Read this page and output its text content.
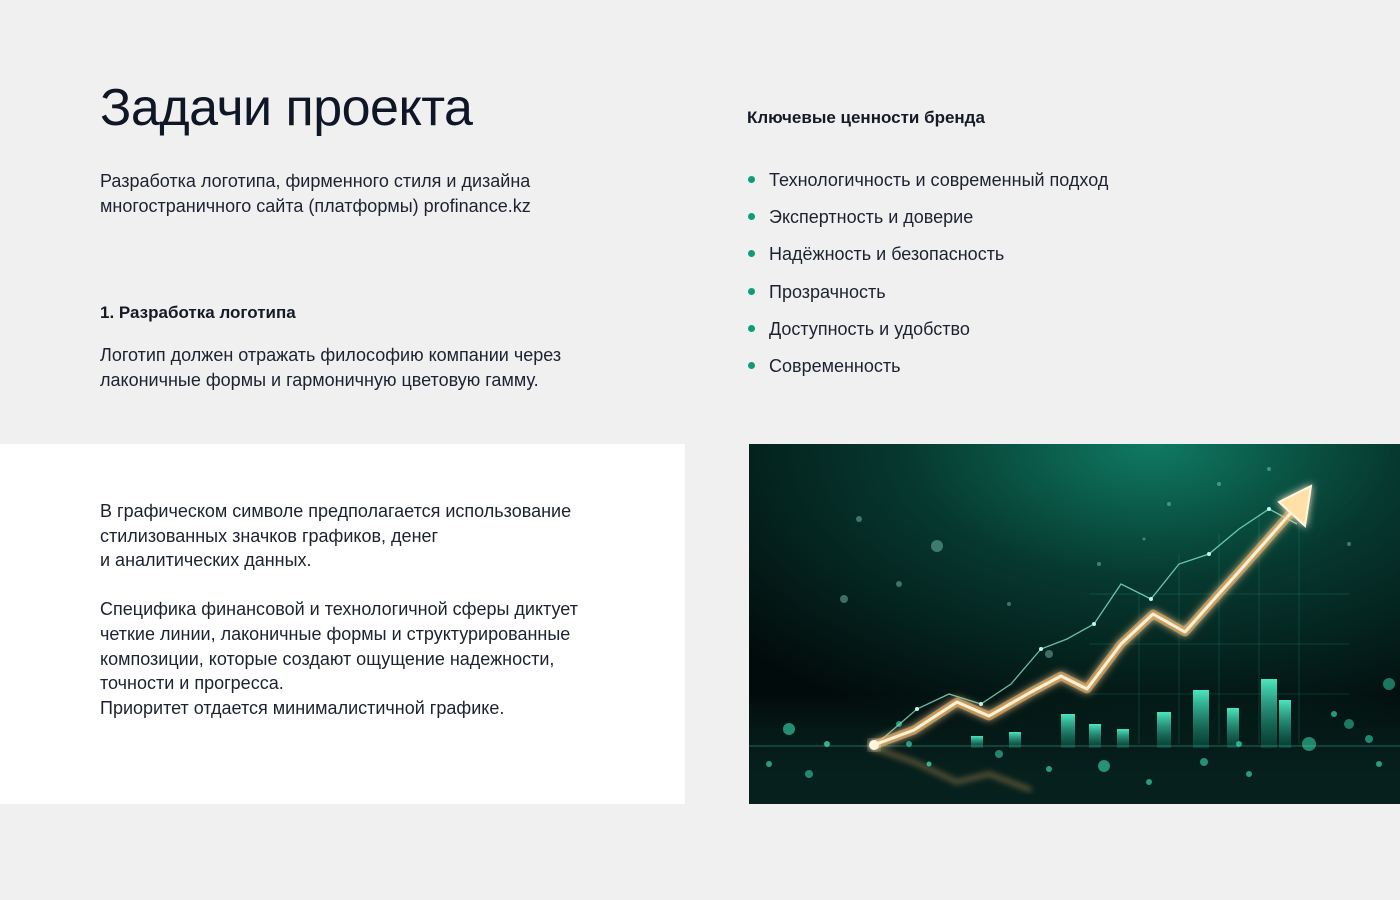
Задачи проекта

Разработка логотипа, фирменного стиля и дизайна многостраничного сайта (платформы) profinance.kz

1. Разработка логотипа

Логотип должен отражать философию компании через лаконичные формы и гармоничную цветовую гамму.

Ключевые ценности бренда
Технологичность и современный подход
Экспертность и доверие
Надёжность и безопасность
Прозрачность
Доступность и удобство
Современность

В графическом символе предполагается использование
стилизованных значков графиков, денег
и аналитических данных.

Специфика финансовой и технологичной сферы диктует
четкие линии, лаконичные формы и структурированные
композиции, которые создают ощущение надежности,
точности и прогресса.
Приоритет отдается минималистичной графике.
